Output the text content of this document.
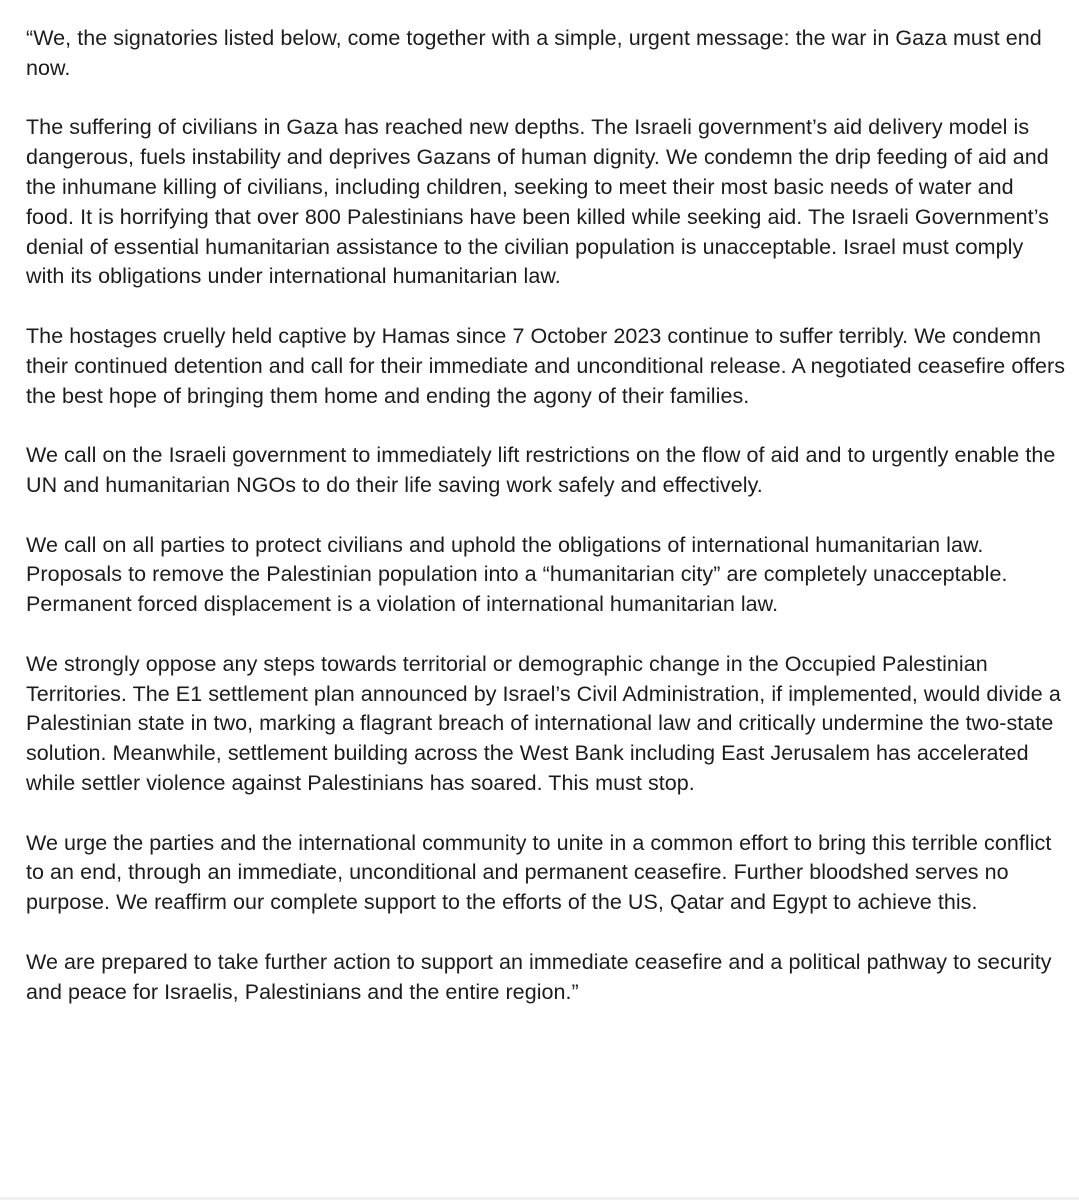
“We, the signatories listed below, come together with a simple, urgent message: the war in Gaza must end now.

The suffering of civilians in Gaza has reached new depths. The Israeli government’s aid delivery model is dangerous, fuels instability and deprives Gazans of human dignity. We condemn the drip feeding of aid and the inhumane killing of civilians, including children, seeking to meet their most basic needs of water and food. It is horrifying that over 800 Palestinians have been killed while seeking aid. The Israeli Government’s denial of essential humanitarian assistance to the civilian population is unacceptable. Israel must comply with its obligations under international humanitarian law.

The hostages cruelly held captive by Hamas since 7 October 2023 continue to suffer terribly. We condemn their continued detention and call for their immediate and unconditional release. A negotiated ceasefire offers the best hope of bringing them home and ending the agony of their families.

We call on the Israeli government to immediately lift restrictions on the flow of aid and to urgently enable the UN and humanitarian NGOs to do their life saving work safely and effectively.

We call on all parties to protect civilians and uphold the obligations of international humanitarian law. Proposals to remove the Palestinian population into a “humanitarian city” are completely unacceptable. Permanent forced displacement is a violation of international humanitarian law.

We strongly oppose any steps towards territorial or demographic change in the Occupied Palestinian Territories. The E1 settlement plan announced by Israel’s Civil Administration, if implemented, would divide a Palestinian state in two, marking a flagrant breach of international law and critically undermine the two-state solution. Meanwhile, settlement building across the West Bank including East Jerusalem has accelerated while settler violence against Palestinians has soared. This must stop.

We urge the parties and the international community to unite in a common effort to bring this terrible conflict to an end, through an immediate, unconditional and permanent ceasefire. Further bloodshed serves no purpose. We reaffirm our complete support to the efforts of the US, Qatar and Egypt to achieve this.

We are prepared to take further action to support an immediate ceasefire and a political pathway to security and peace for Israelis, Palestinians and the entire region.”
